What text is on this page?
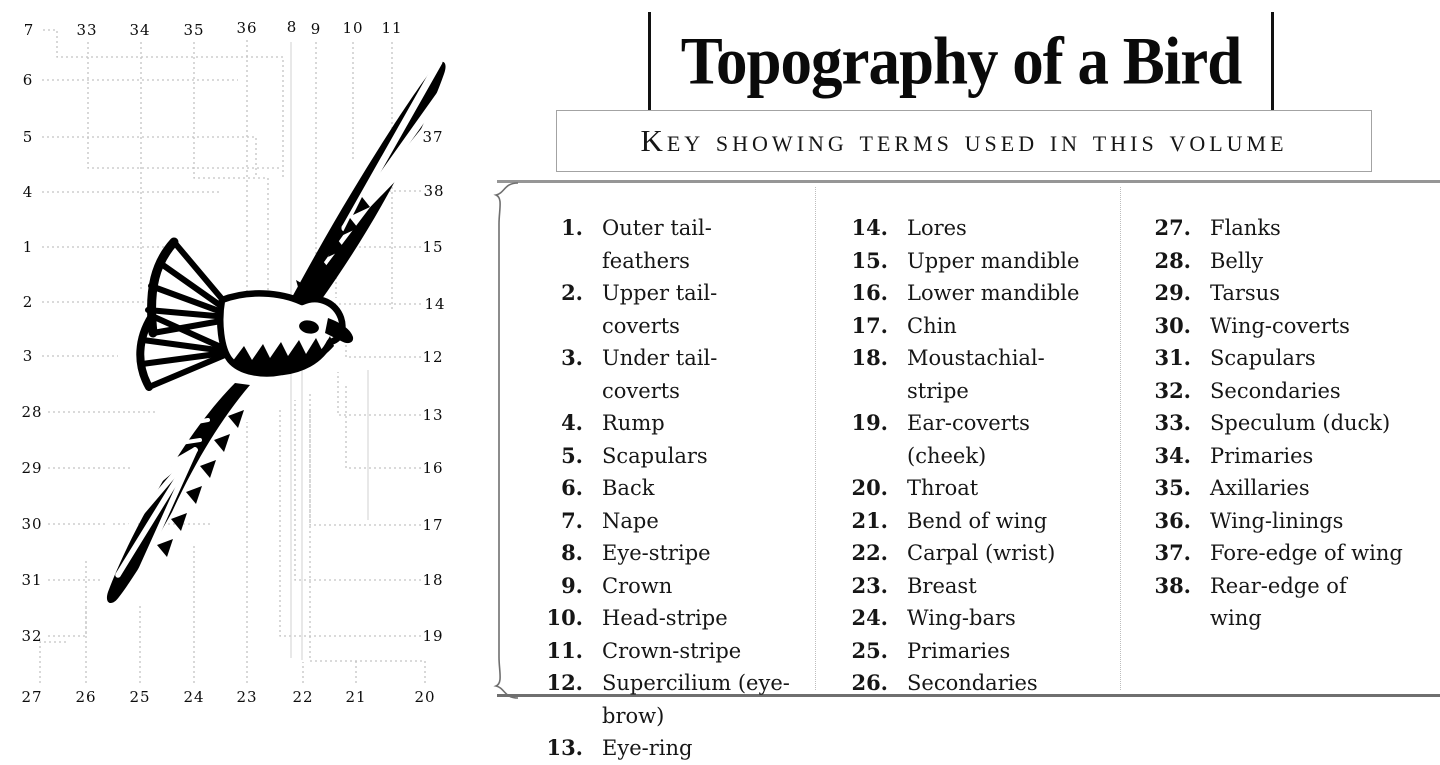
7	33 34 35 36 8 9 10 11
6
5
4
1
2
3
28
29
30
31
32
27
37
38
15
14
12
13
16
17
18
19
26 25 24 23 22 21	20
Topography of a Bird
Key showing terms used in this volume
1. Outer tail-feathers
2. Upper tail-coverts
3. Under tail-coverts
4. Rump
5. Scapulars
6. Back
7. Nape
8. Eye-stripe
9. Crown
10. Head-stripe
11. Crown-stripe
12. Supercilium (eye-brow)
13. Eye-ring
14. Lores
15. Upper mandible
16. Lower mandible
17. Chin
18. Moustachial-stripe
19. Ear-coverts (cheek)
20. Throat
21. Bend of wing
22. Carpal (wrist)
23. Breast
24. Wing-bars
25. Primaries
26. Secondaries
27. Flanks
28. Belly
29. Tarsus
30. Wing-coverts
31. Scapulars
32. Secondaries
33. Speculum (duck)
34. Primaries
35. Axillaries
36. Wing-linings
37. Fore-edge of wing
38. Rear-edge of wing
